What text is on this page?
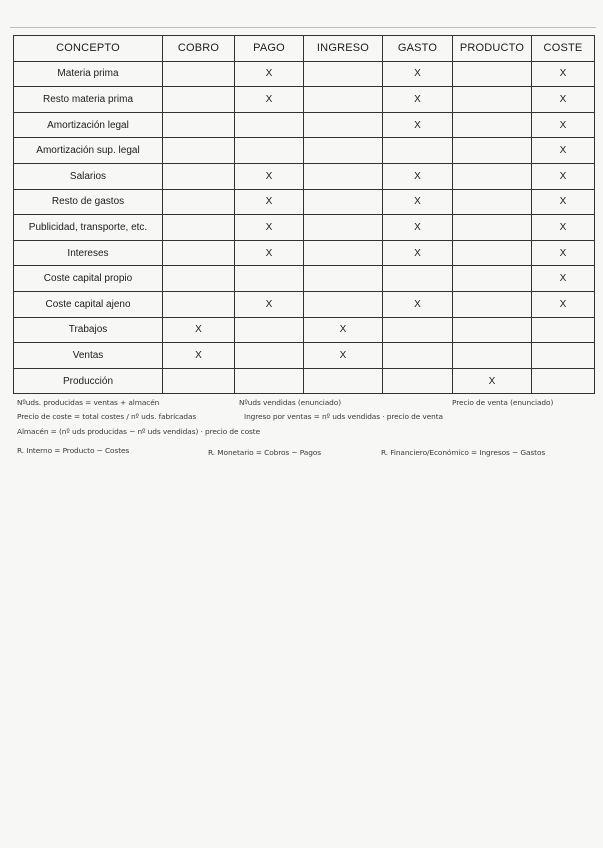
CONCEPTO	COBRO	PAGO	INGRESO	GASTO	PRODUCTO	COSTE
Materia prima		X		X		X
Resto materia prima		X		X		X
Amortización legal				X		X
Amortización sup. legal						X
Salarios		X		X		X
Resto de gastos		X		X		X
Publicidad, transporte, etc.		X		X		X
Intereses		X		X		X
Coste capital propio						X
Coste capital ajeno		X		X		X
Trabajos	X		X			
Ventas	X		X			
Producción					X	
Nºuds. producidas = ventas + almacén	Nºuds vendidas (enunciado)	Precio de venta (enunciado)
Precio de coste = total costes / nº uds. fabricadas	Ingreso por ventas = nº uds vendidas · precio de venta
Almacén = (nº uds producidas − nº uds vendidas) · precio de coste
R. Interno = Producto − Costes	R. Monetario = Cobros − Pagos	R. Financiero/Económico = Ingresos − Gastos
